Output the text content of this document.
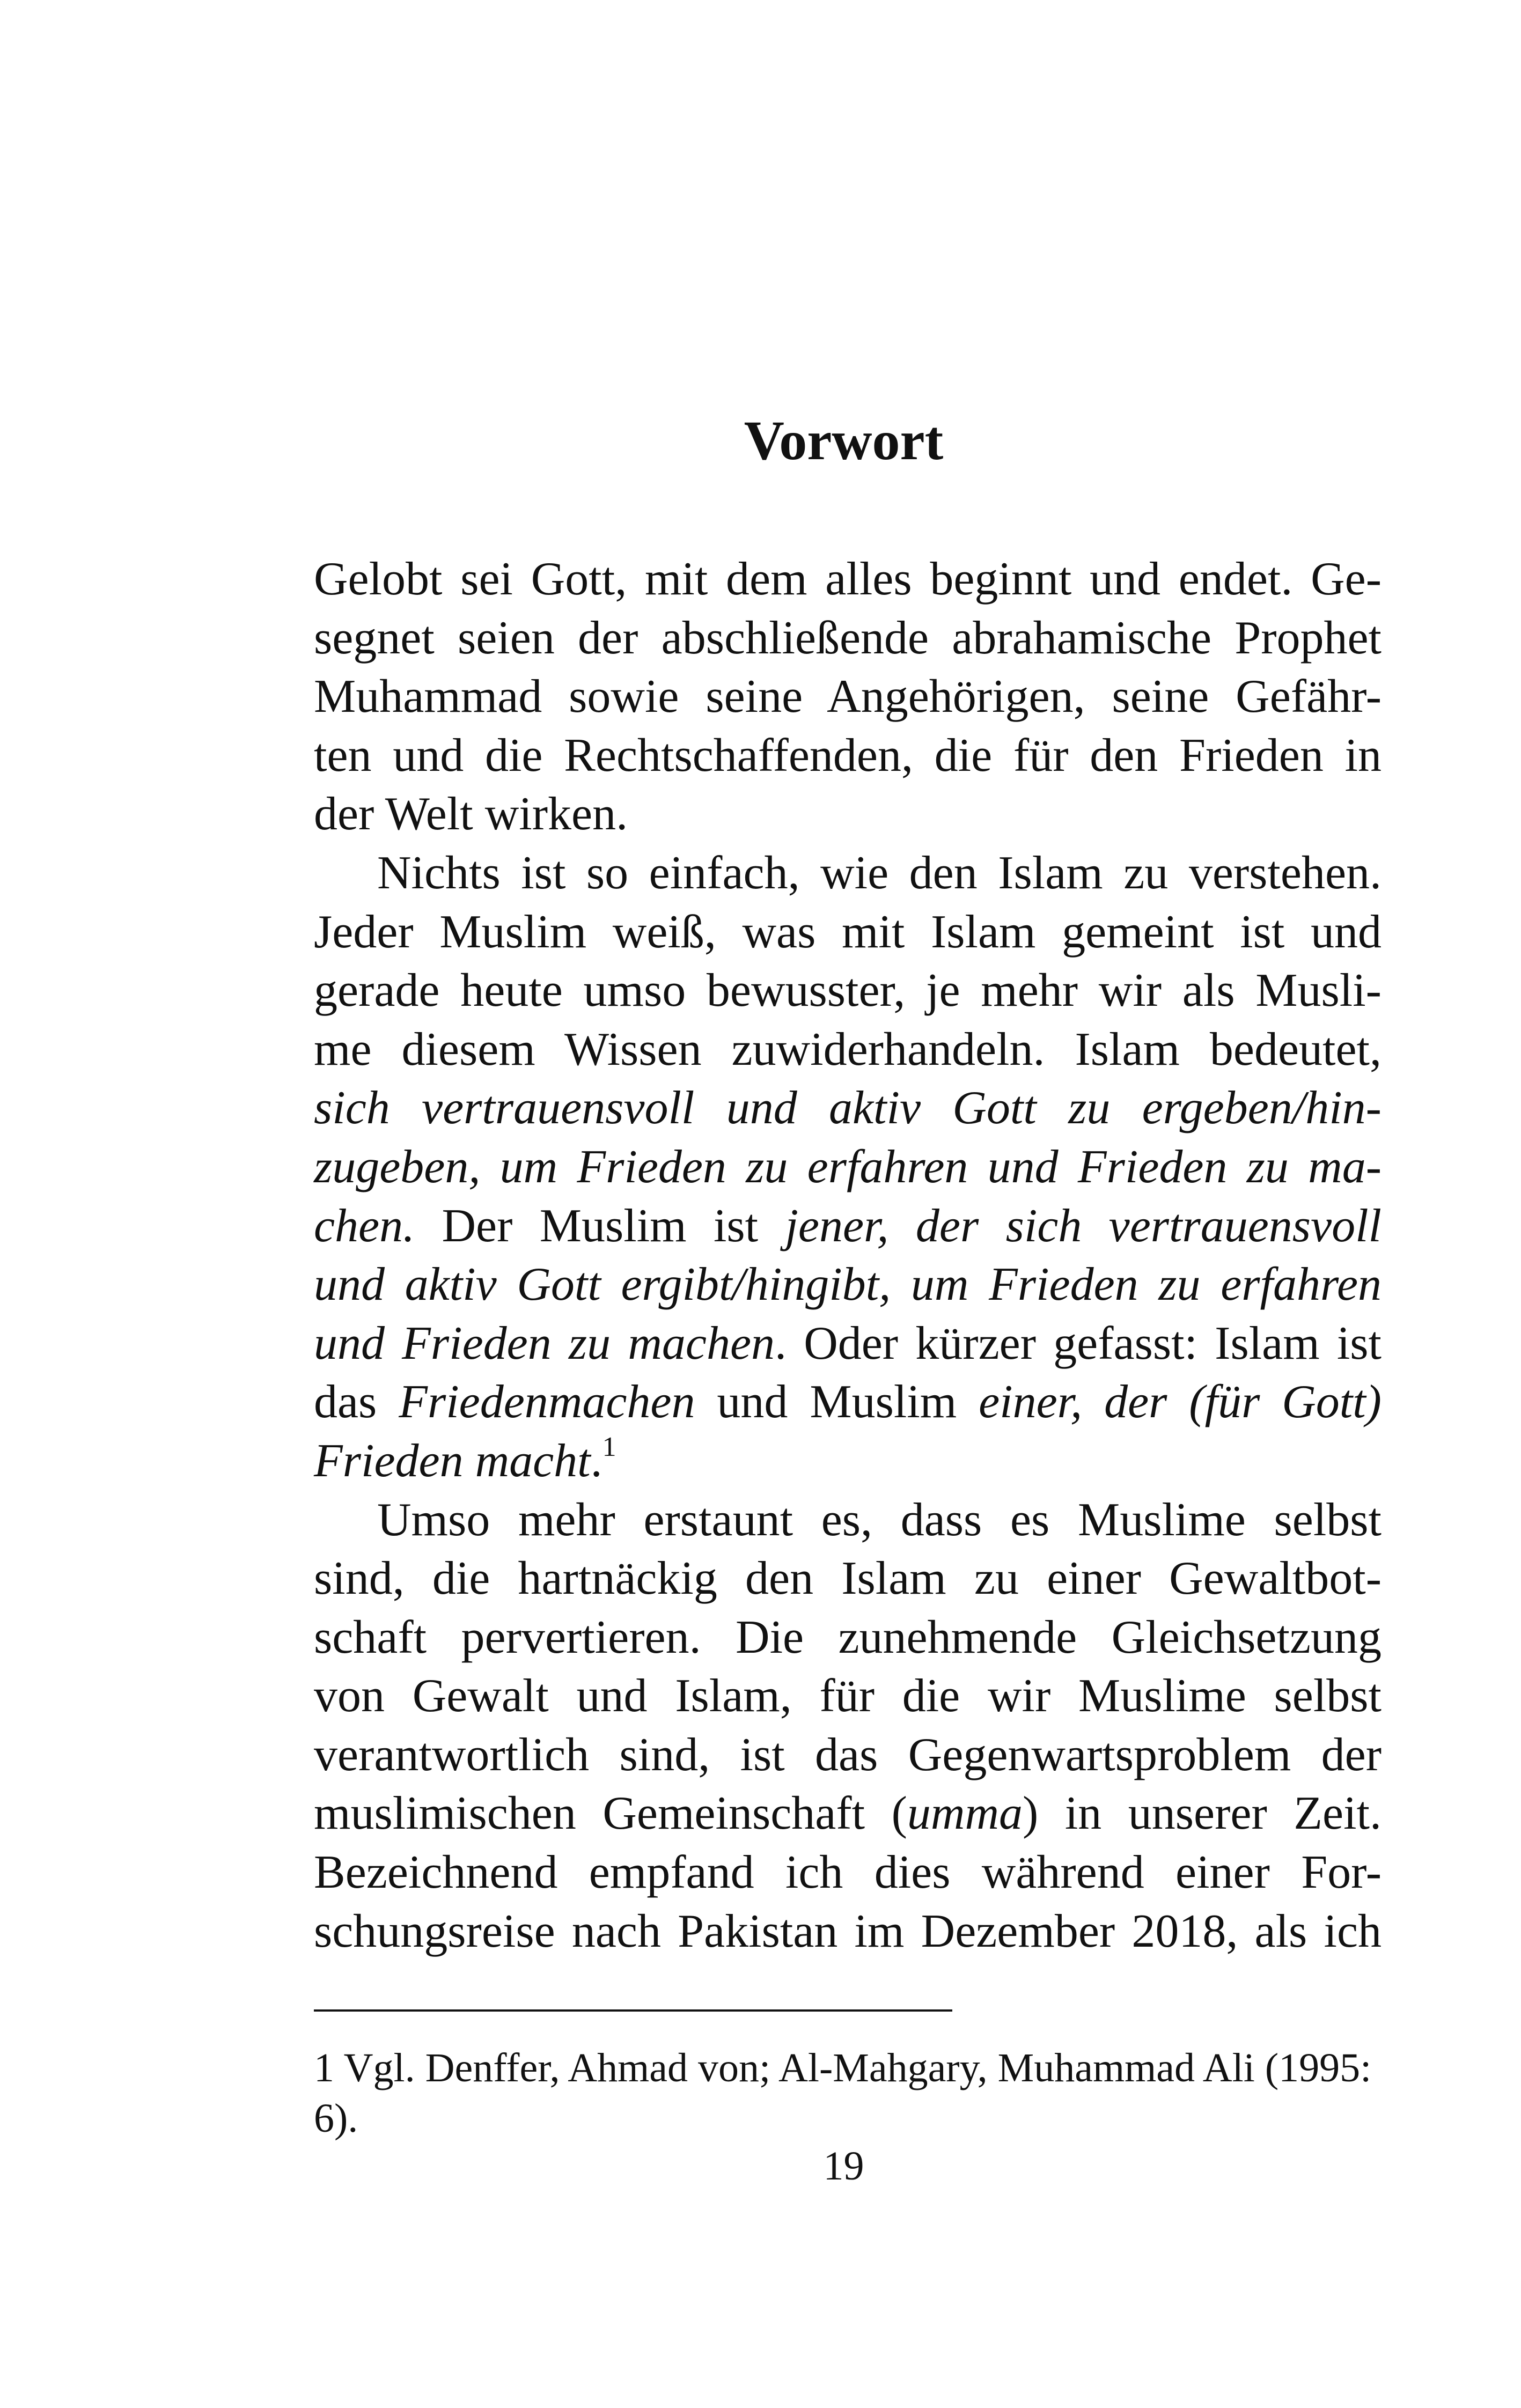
Vorwort
Gelobt sei Gott, mit dem alles beginnt und endet. Ge-
segnet seien der abschließende abrahamische Prophet
Muhammad sowie seine Angehörigen, seine Gefähr-
ten und die Rechtschaffenden, die für den Frieden in
der Welt wirken.
Nichts ist so einfach, wie den Islam zu verstehen.
Jeder Muslim weiß, was mit Islam gemeint ist und
gerade heute umso bewusster, je mehr wir als Musli-
me diesem Wissen zuwiderhandeln. Islam bedeutet,
sich vertrauensvoll und aktiv Gott zu ergeben/hin-
zugeben, um Frieden zu erfahren und Frieden zu ma-
chen. Der Muslim ist jener, der sich vertrauensvoll
und aktiv Gott ergibt/hingibt, um Frieden zu erfahren
und Frieden zu machen. Oder kürzer gefasst: Islam ist
das Friedenmachen und Muslim einer, der (für Gott)
Frieden macht.$^1$
Umso mehr erstaunt es, dass es Muslime selbst
sind, die hartnäckig den Islam zu einer Gewaltbot-
schaft pervertieren. Die zunehmende Gleichsetzung
von Gewalt und Islam, für die wir Muslime selbst
verantwortlich sind, ist das Gegenwartsproblem der
muslimischen Gemeinschaft (umma) in unserer Zeit.
Bezeichnend empfand ich dies während einer For-
schungsreise nach Pakistan im Dezember 2018, als ich
1 Vgl. Denffer, Ahmad von; Al-Mahgary, Muhammad Ali (1995:
6).
19
